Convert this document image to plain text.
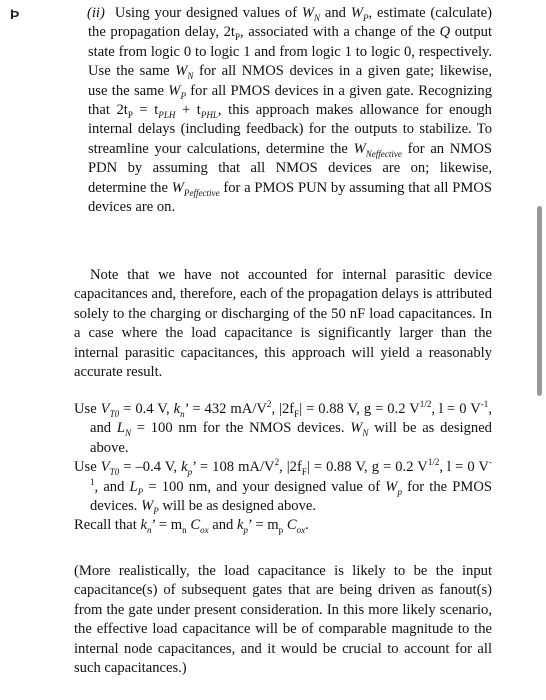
Þ	(ii) Using your designed values of $W_N$ and $W_P$, estimate (calculate) the propagation delay, $2t_P$, associated with a change of the Q output state from logic 0 to logic 1 and from logic 1 to logic 0, respectively. Use the same $W_N$ for all NMOS devices in a given gate; likewise, use the same $W_P$ for all PMOS devices in a given gate. Recognizing that $2t_P = t_{PLH} + t_{PHL}$, this approach makes allowance for enough internal delays (including feedback) for the outputs to stabilize. To streamline your calculations, determine the $W_{Neffective}$ for an NMOS PDN by assuming that all NMOS devices are on; likewise, determine the $W_{Peffective}$ for a PMOS PUN by assuming that all PMOS devices are on.
Note that we have not accounted for internal parasitic device capacitances and, therefore, each of the propagation delays is attributed solely to the charging or discharging of the 50 nF load capacitances. In a case where the load capacitance is significantly larger than the internal parasitic capacitances, this approach will yield a reasonably accurate result.
Use $V_{T0} = 0.4$ V, $k_n$’ = 432 $mA/V^2$, $|2f_F| = 0.88$ V, g = 0.2 $V^{1/2}$, l = 0 $V^{-1}$, and $L_N = 100$ nm for the NMOS devices. $W_N$ will be as designed above.
Use $V_{T0} = -0.4$ V, $k_p$’ = 108 $mA/V^2$, $|2f_F| = 0.88$ V, g = 0.2 $V^{1/2}$, l = 0 $V^{-1}$, and $L_P = 100$ nm, and your designed value of $W_p$ for the PMOS devices. $W_P$ will be as designed above.
Recall that $k_n$’ = $m_n$ $C_{ox}$ and $k_p$’ = $m_p$ $C_{ox}$.
(More realistically, the load capacitance is likely to be the input capacitance(s) of subsequent gates that are being driven as fanout(s) from the gate under present consideration. In this more likely scenario, the effective load capacitance will be of comparable magnitude to the internal node capacitances, and it would be crucial to account for all such capacitances.)
